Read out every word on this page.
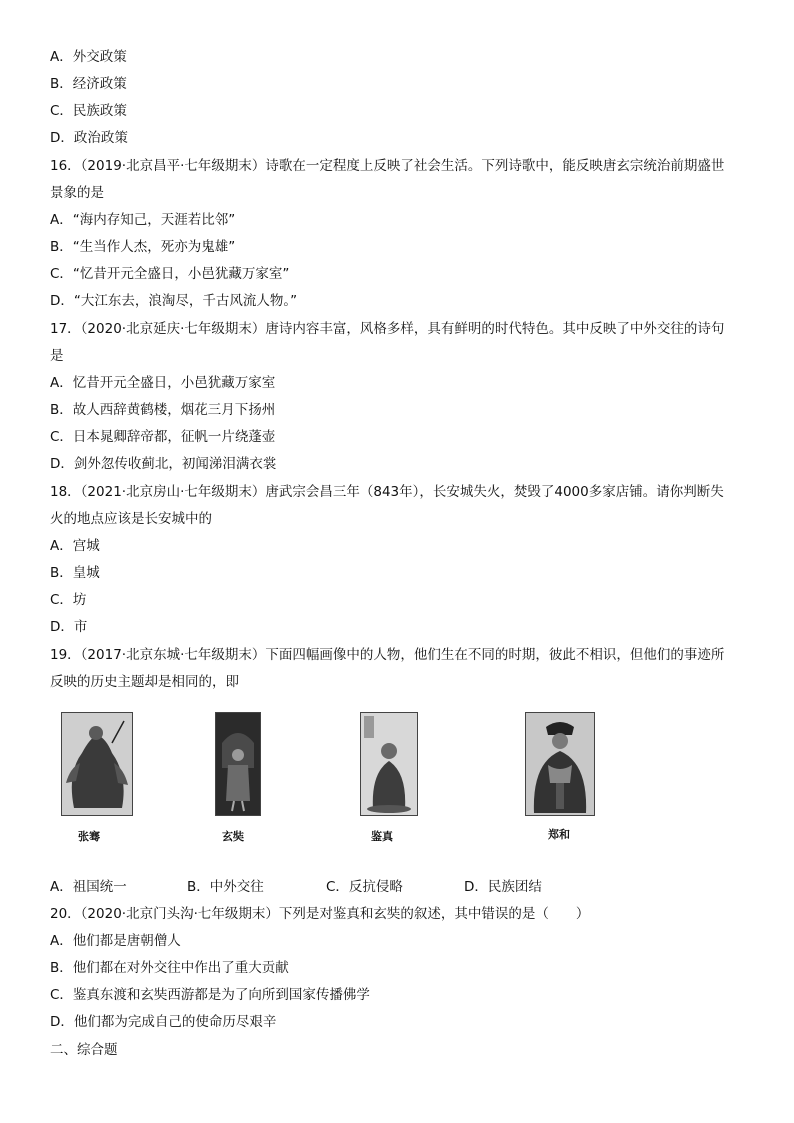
A．外交政策
B．经济政策
C．民族政策
D．政治政策
16．（2019·北京昌平·七年级期末）诗歌在一定程度上反映了社会生活。下列诗歌中，能反映唐玄宗统治前期盛世
景象的是
A．“海内存知己，天涯若比邻”
B．“生当作人杰，死亦为鬼雄”
C．“忆昔开元全盛日，小邑犹藏万家室”
D．“大江东去，浪淘尽，千古风流人物。”
17．（2020·北京延庆·七年级期末）唐诗内容丰富，风格多样，具有鲜明的时代特色。其中反映了中外交往的诗句
是
A．忆昔开元全盛日，小邑犹藏万家室
B．故人西辞黄鹤楼，烟花三月下扬州
C．日本晁卿辞帝都，征帆一片绕蓬壶
D．剑外忽传收蓟北，初闻涕泪满衣裳
18．（2021·北京房山·七年级期末）唐武宗会昌三年（843年），长安城失火，焚毁了4000多家店铺。请你判断失
火的地点应该是长安城中的
A．宫城
B．皇城
C．坊
D．市
19．（2017·北京东城·七年级期末）下面四幅画像中的人物，他们生在不同的时期，彼此不相识，但他们的事迹所
反映的历史主题却是相同的，即
张骞	玄奘	鉴真	郑和
A．祖国统一	B．中外交往	C．反抗侵略	D．民族团结
20．（2020·北京门头沟·七年级期末）下列是对鉴真和玄奘的叙述，其中错误的是（　　）
A．他们都是唐朝僧人
B．他们都在对外交往中作出了重大贡献
C．鉴真东渡和玄奘西游都是为了向所到国家传播佛学
D．他们都为完成自己的使命历尽艰辛
二、综合题
